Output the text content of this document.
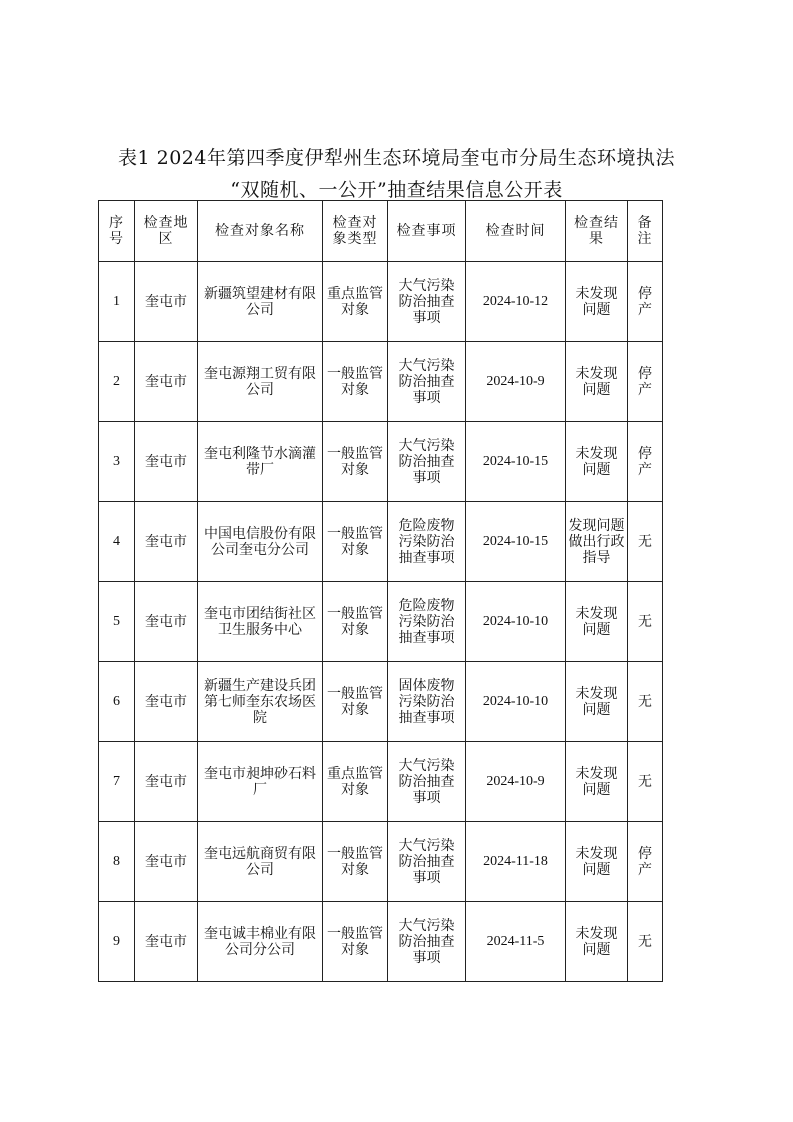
表1 2024年第四季度伊犁州生态环境局奎屯市分局生态环境执法
“双随机、一公开”抽查结果信息公开表
序号	检查地区	检查对象名称	检查对象类型	检查事项	检查时间	检查结果	备注
1	奎屯市	新疆筑望建材有限公司	重点监管对象	大气污染防治抽查事项	2024-10-12	未发现问题	停产
2	奎屯市	奎屯源翔工贸有限公司	一般监管对象	大气污染防治抽查事项	2024-10-9	未发现问题	停产
3	奎屯市	奎屯利隆节水滴灌带厂	一般监管对象	大气污染防治抽查事项	2024-10-15	未发现问题	停产
4	奎屯市	中国电信股份有限公司奎屯分公司	一般监管对象	危险废物污染防治抽查事项	2024-10-15	发现问题做出行政指导	无
5	奎屯市	奎屯市团结街社区卫生服务中心	一般监管对象	危险废物污染防治抽查事项	2024-10-10	未发现问题	无
6	奎屯市	新疆生产建设兵团第七师奎东农场医院	一般监管对象	固体废物污染防治抽查事项	2024-10-10	未发现问题	无
7	奎屯市	奎屯市昶坤砂石料厂	重点监管对象	大气污染防治抽查事项	2024-10-9	未发现问题	无
8	奎屯市	奎屯远航商贸有限公司	一般监管对象	大气污染防治抽查事项	2024-11-18	未发现问题	停产
9	奎屯市	奎屯诚丰棉业有限公司分公司	一般监管对象	大气污染防治抽查事项	2024-11-5	未发现问题	无
